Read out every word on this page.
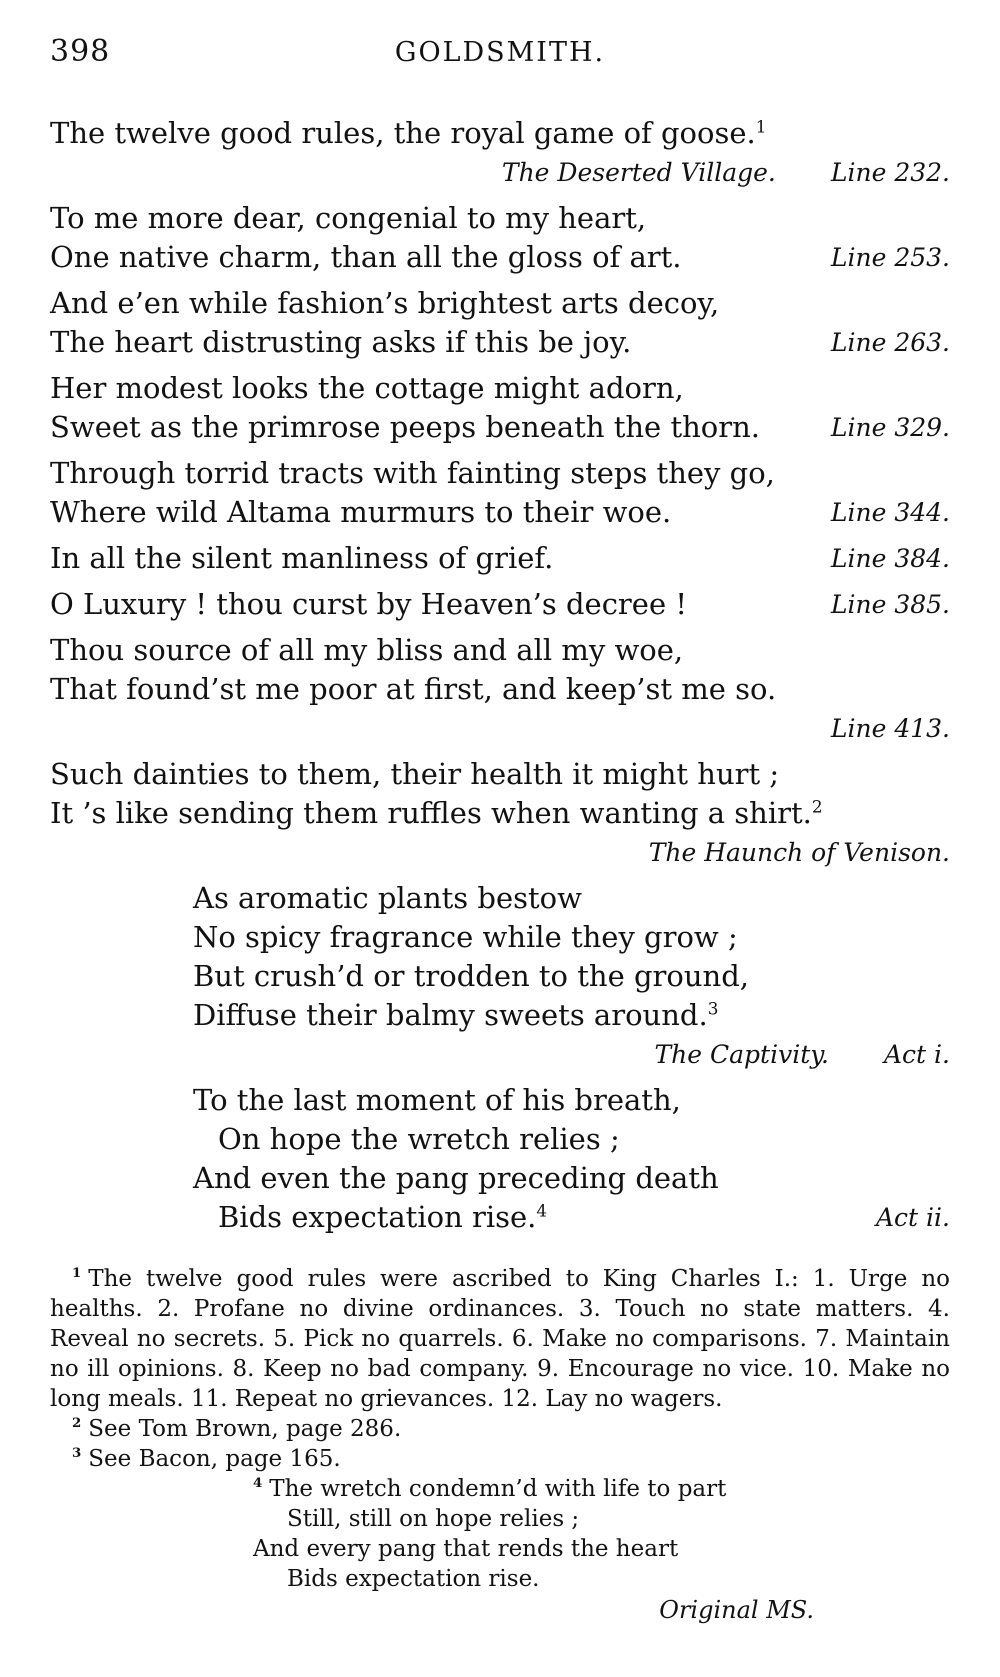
398	GOLDSMITH.
The twelve good rules, the royal game of goose.$^1$
The Deserted Village. Line 232.
To me more dear, congenial to my heart,
One native charm, than all the gloss of art.	Line 253.
And e’en while fashion’s brightest arts decoy,
The heart distrusting asks if this be joy.	Line 263.
Her modest looks the cottage might adorn,
Sweet as the primrose peeps beneath the thorn.	Line 329.
Through torrid tracts with fainting steps they go,
Where wild Altama murmurs to their woe.	Line 344.
In all the silent manliness of grief.	Line 384.
O Luxury ! thou curst by Heaven’s decree !	Line 385.
Thou source of all my bliss and all my woe,
That found’st me poor at first, and keep’st me so.
Line 413.
Such dainties to them, their health it might hurt ;
It ’s like sending them ruffles when wanting a shirt.$^2$
The Haunch of Venison.
As aromatic plants bestow
No spicy fragrance while they grow ;
But crush’d or trodden to the ground,
Diffuse their balmy sweets around.$^3$
The Captivity. Act i.
To the last moment of his breath,
On hope the wretch relies ;
And even the pang preceding death
Bids expectation rise.$^4$	Act ii.

$^1$ The twelve good rules were ascribed to King Charles I.: 1. Urge no healths. 2. Profane no divine ordinances. 3. Touch no state matters. 4. Reveal no secrets. 5. Pick no quarrels. 6. Make no comparisons. 7. Maintain no ill opinions. 8. Keep no bad company. 9. Encourage no vice. 10. Make no long meals. 11. Repeat no grievances. 12. Lay no wagers.

$^2$ See Tom Brown, page 286.

$^3$ See Bacon, page 165.

$^4$ The wretch condemn’d with life to part
Still, still on hope relies ;
And every pang that rends the heart
Bids expectation rise.
Original MS.
